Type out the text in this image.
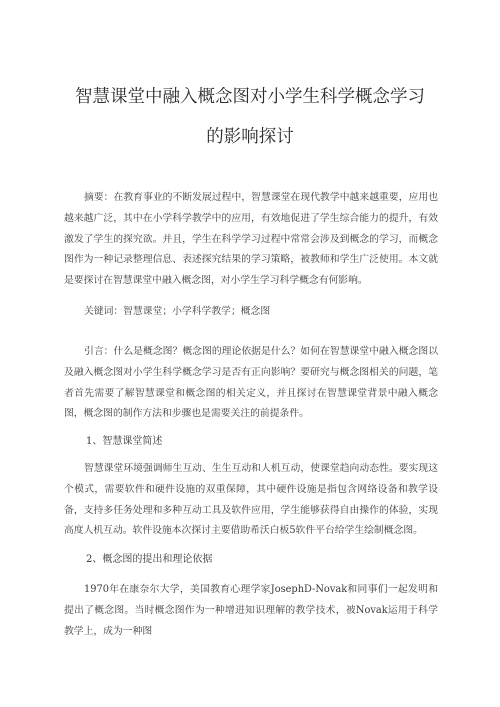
智慧课堂中融入概念图对小学生科学概念学习
的影响探讨
摘要：在教育事业的不断发展过程中，智慧课堂在现代教学中越来越重要，应用也越来越广泛，其中在小学科学教学中的应用，有效地促进了学生综合能力的提升，有效激发了学生的探究欲。并且，学生在科学学习过程中常常会涉及到概念的学习，而概念图作为一种记录整理信息、表述探究结果的学习策略，被教师和学生广泛使用。本文就是要探讨在智慧课堂中融入概念图，对小学生学习科学概念有何影响。
关键词：智慧课堂；小学科学教学；概念图
引言：什么是概念图？概念图的理论依据是什么？如何在智慧课堂中融入概念图以及融入概念图对小学生科学概念学习是否有正向影响？要研究与概念图相关的问题，笔者首先需要了解智慧课堂和概念图的相关定义，并且探讨在智慧课堂背景中融入概念图，概念图的制作方法和步骤也是需要关注的前提条件。
1、智慧课堂简述
智慧课堂环境强调师生互动、生生互动和人机互动，使课堂趋向动态性。要实现这个模式，需要软件和硬件设施的双重保障，其中硬件设施是指包含网络设备和教学设备，支持多任务处理和多种互动工具及软件应用，学生能够获得自由操作的体验，实现高度人机互动。软件设施本次探讨主要借助希沃白板5软件平台给学生绘制概念图。
2、概念图的提出和理论依据
1970年在康奈尔大学，美国教育心理学家JosephD-Novak和同事们一起发明和提出了概念图。当时概念图作为一种增进知识理解的教学技术，被Novak运用于科学教学上，成为一种图
